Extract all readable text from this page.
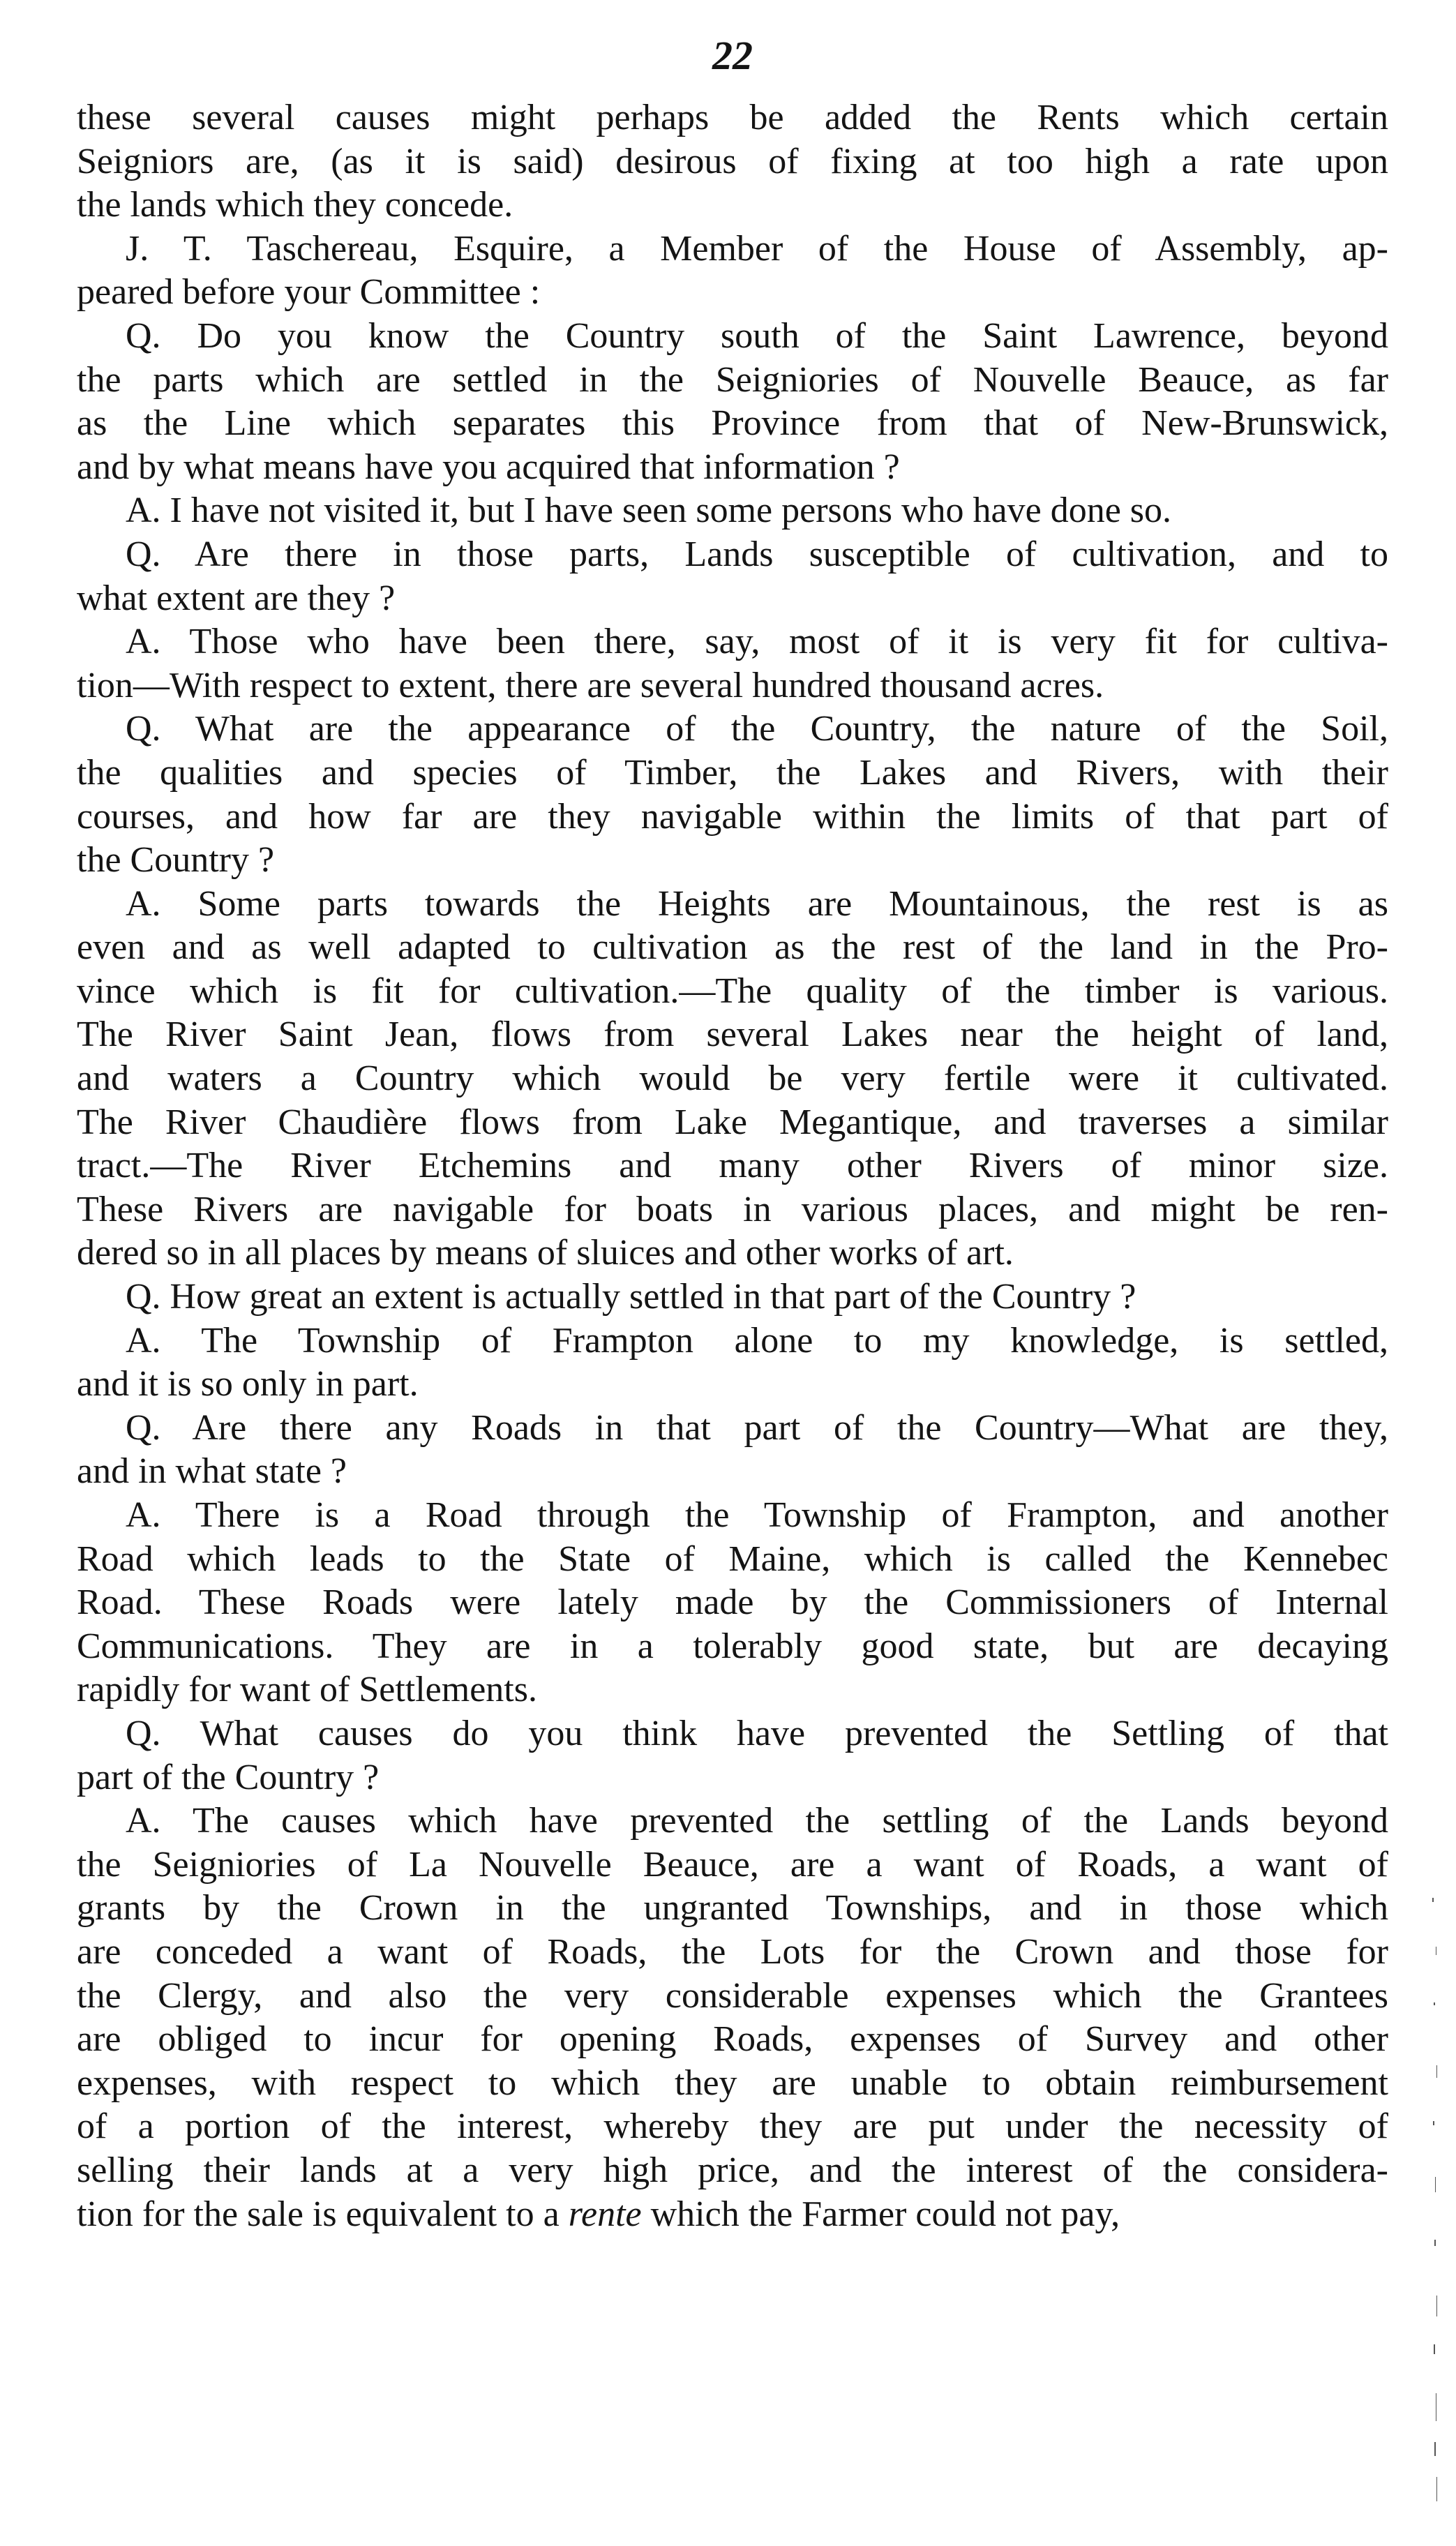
22
these several causes might perhaps be added the Rents which certain
Seigniors are, (as it is said) desirous of fixing at too high a rate upon
the lands which they concede.
J. T. Taschereau, Esquire, a Member of the House of Assembly, ap-
peared before your Committee :
Q. Do you know the Country south of the Saint Lawrence, beyond
the parts which are settled in the Seigniories of Nouvelle Beauce, as far
as the Line which separates this Province from that of New-Brunswick,
and by what means have you acquired that information ?
A. I have not visited it, but I have seen some persons who have done so.
Q. Are there in those parts, Lands susceptible of cultivation, and to
what extent are they ?
A. Those who have been there, say, most of it is very fit for cultiva-
tion—With respect to extent, there are several hundred thousand acres.
Q. What are the appearance of the Country, the nature of the Soil,
the qualities and species of Timber, the Lakes and Rivers, with their
courses, and how far are they navigable within the limits of that part of
the Country ?
A. Some parts towards the Heights are Mountainous, the rest is as
even and as well adapted to cultivation as the rest of the land in the Pro-
vince which is fit for cultivation.—The quality of the timber is various.
The River Saint Jean, flows from several Lakes near the height of land,
and waters a Country which would be very fertile were it cultivated.
The River Chaudière flows from Lake Megantique, and traverses a similar
tract.—The River Etchemins and many other Rivers of minor size.
These Rivers are navigable for boats in various places, and might be ren-
dered so in all places by means of sluices and other works of art.
Q. How great an extent is actually settled in that part of the Country ?
A. The Township of Frampton alone to my knowledge, is settled,
and it is so only in part.
Q. Are there any Roads in that part of the Country—What are they,
and in what state ?
A. There is a Road through the Township of Frampton, and another
Road which leads to the State of Maine, which is called the Kennebec
Road. These Roads were lately made by the Commissioners of Internal
Communications. They are in a tolerably good state, but are decaying
rapidly for want of Settlements.
Q. What causes do you think have prevented the Settling of that
part of the Country ?
A. The causes which have prevented the settling of the Lands beyond
the Seigniories of La Nouvelle Beauce, are a want of Roads, a want of
grants by the Crown in the ungranted Townships, and in those which
are conceded a want of Roads, the Lots for the Crown and those for
the Clergy, and also the very considerable expenses which the Grantees
are obliged to incur for opening Roads, expenses of Survey and other
expenses, with respect to which they are unable to obtain reimbursement
of a portion of the interest, whereby they are put under the necessity of
selling their lands at a very high price, and the interest of the considera-
tion for the sale is equivalent to a rente which the Farmer could not pay,
